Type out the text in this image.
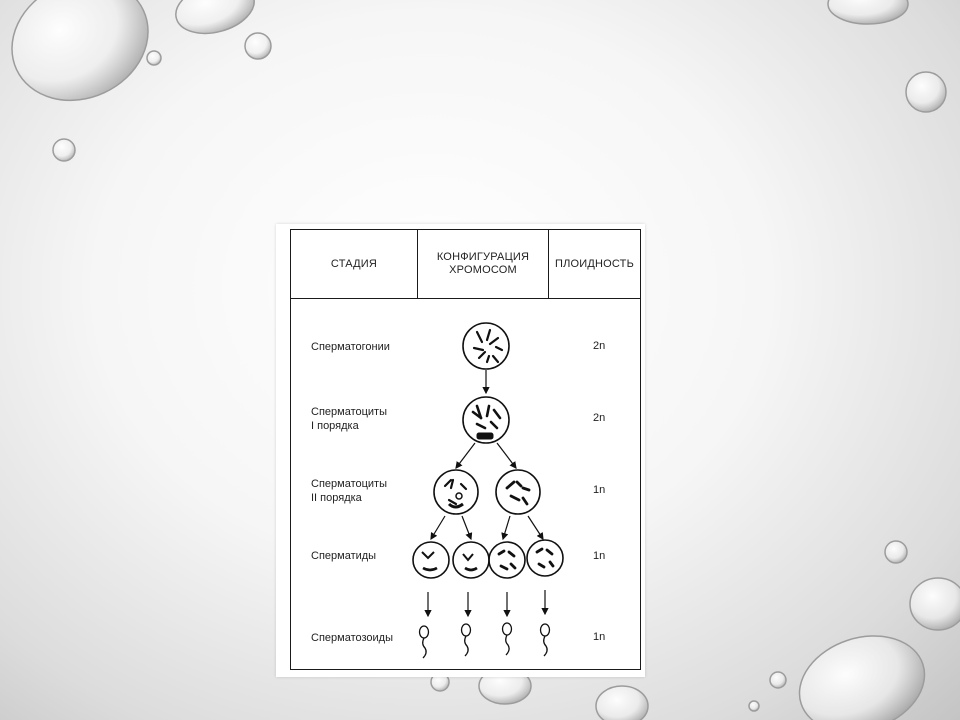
СТАДИЯ
КОНФИГУРАЦИЯ
ХРОМОСОМ
ПЛОИДНОСТЬ
Сперматогонии
Сперматоциты
I порядка
Сперматоциты
II порядка
Сперматиды
Сперматозоиды
2n
2n
1n
1n
1n
